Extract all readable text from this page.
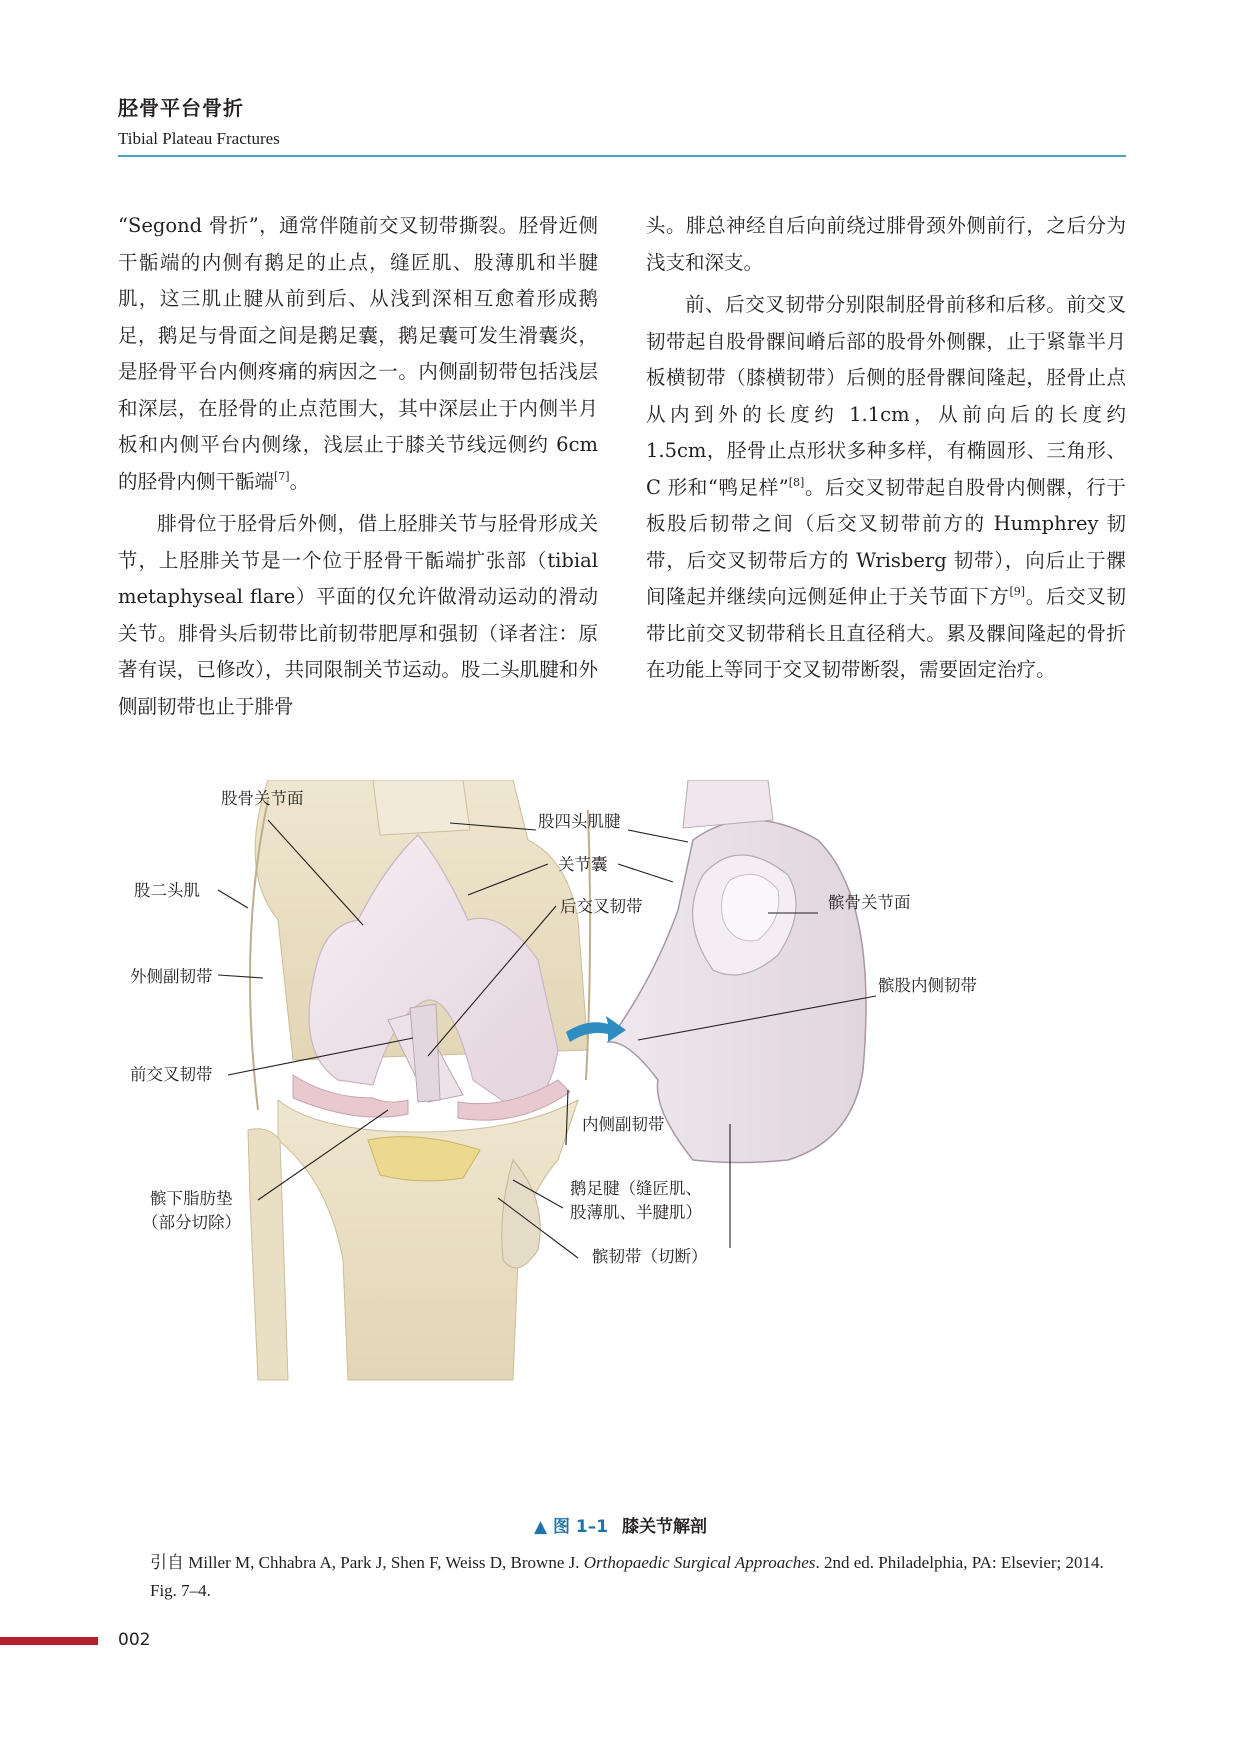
胫骨平台骨折
Tibial Plateau Fractures

“Segond 骨折”，通常伴随前交叉韧带撕裂。胫骨近侧干骺端的内侧有鹅足的止点，缝匠肌、股薄肌和半腱肌，这三肌止腱从前到后、从浅到深相互愈着形成鹅足，鹅足与骨面之间是鹅足囊，鹅足囊可发生滑囊炎，是胫骨平台内侧疼痛的病因之一。内侧副韧带包括浅层和深层，在胫骨的止点范围大，其中深层止于内侧半月板和内侧平台内侧缘，浅层止于膝关节线远侧约 6cm 的胫骨内侧干骺端[7]。

腓骨位于胫骨后外侧，借上胫腓关节与胫骨形成关节，上胫腓关节是一个位于胫骨干骺端扩张部（tibial metaphyseal flare）平面的仅允许做滑动运动的滑动关节。腓骨头后韧带比前韧带肥厚和强韧（译者注：原著有误，已修改），共同限制关节运动。股二头肌腱和外侧副韧带也止于腓骨

头。腓总神经自后向前绕过腓骨颈外侧前行，之后分为浅支和深支。

前、后交叉韧带分别限制胫骨前移和后移。前交叉韧带起自股骨髁间嵴后部的股骨外侧髁，止于紧靠半月板横韧带（膝横韧带）后侧的胫骨髁间隆起，胫骨止点从内到外的长度约 1.1cm，从前向后的长度约 1.5cm，胫骨止点形状多种多样，有椭圆形、三角形、C 形和“鸭足样”[8]。后交叉韧带起自股骨内侧髁，行于板股后韧带之间（后交叉韧带前方的 Humphrey 韧带，后交叉韧带后方的 Wrisberg 韧带），向后止于髁间隆起并继续向远侧延伸止于关节面下方[9]。后交叉韧带比前交叉韧带稍长且直径稍大。累及髁间隆起的骨折在功能上等同于交叉韧带断裂，需要固定治疗。

股四头肌腱
股骨关节面
关节囊
后交叉韧带	髌骨关节面
股二头肌
髌股内侧韧带
外侧副韧带
前交叉韧带
内侧副韧带
髌下脂肪垫
（部分切除）
鹅足腱（缝匠肌、
股薄肌、半腱肌）
髌韧带（切断）
▲ 图 1–1 膝关节解剖
引自 Miller M, Chhabra A, Park J, Shen F, Weiss D, Browne J. Orthopaedic Surgical Approaches. 2nd ed. Philadelphia, PA: Elsevier; 2014. Fig. 7–4.
002
